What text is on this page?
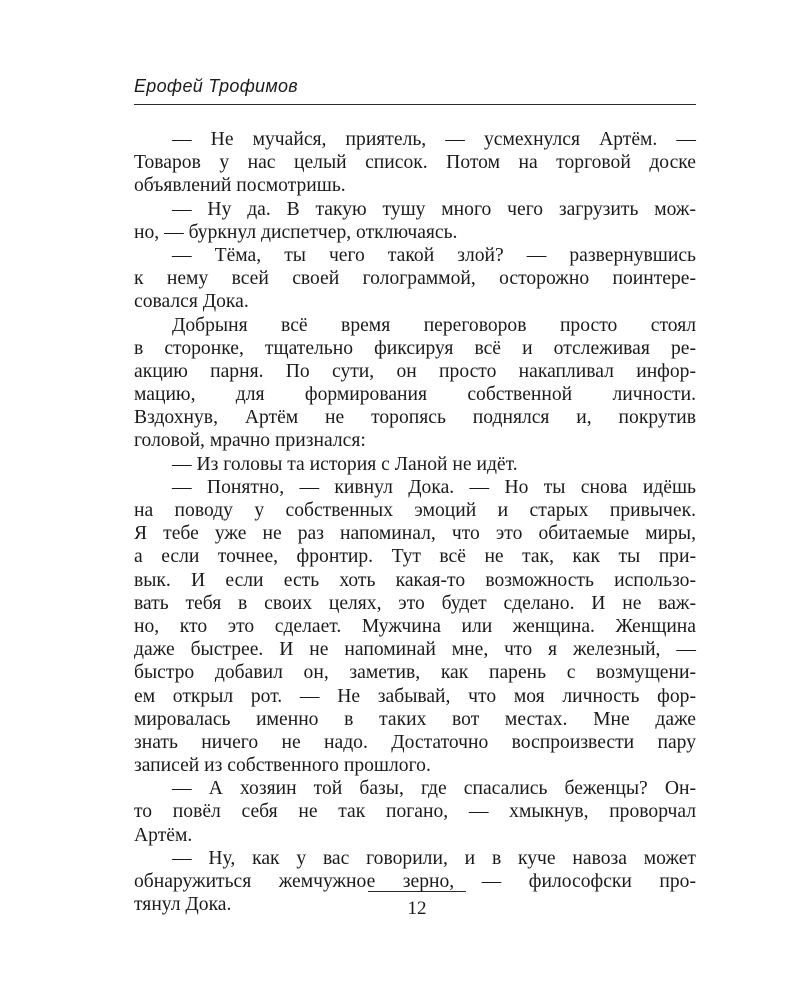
Ерофей Трофимов
— Не мучайся, приятель, — усмехнулся Артём. —
Товаров у нас целый список. Потом на торговой доске
объявлений посмотришь.
— Ну да. В такую тушу много чего загрузить мож-
но, — буркнул диспетчер, отключаясь.
— Тёма, ты чего такой злой? — развернувшись
к нему всей своей голограммой, осторожно поинтере-
совался Дока.
Добрыня всё время переговоров просто стоял
в сторонке, тщательно фиксируя всё и отслеживая ре-
акцию парня. По сути, он просто накапливал инфор-
мацию, для формирования собственной личности.
Вздохнув, Артём не торопясь поднялся и, покрутив
головой, мрачно признался:
— Из головы та история с Ланой не идёт.
— Понятно, — кивнул Дока. — Но ты снова идёшь
на поводу у собственных эмоций и старых привычек.
Я тебе уже не раз напоминал, что это обитаемые миры,
а если точнее, фронтир. Тут всё не так, как ты при-
вык. И если есть хоть какая-то возможность использо-
вать тебя в своих целях, это будет сделано. И не важ-
но, кто это сделает. Мужчина или женщина. Женщина
даже быстрее. И не напоминай мне, что я железный, —
быстро добавил он, заметив, как парень с возмущени-
ем открыл рот. — Не забывай, что моя личность фор-
мировалась именно в таких вот местах. Мне даже
знать ничего не надо. Достаточно воспроизвести пару
записей из собственного прошлого.
— А хозяин той базы, где спасались беженцы? Он-
то повёл себя не так погано, — хмыкнув, проворчал
Артём.
— Ну, как у вас говорили, и в куче навоза может
обнаружиться жемчужное зерно, — философски про-
тянул Дока.	12
